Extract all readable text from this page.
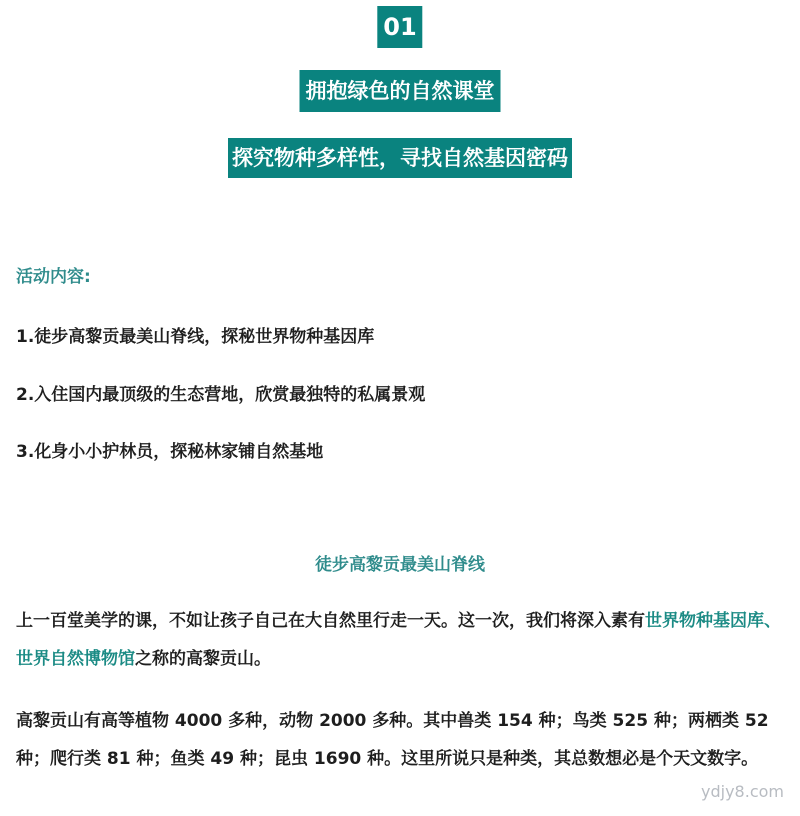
01
拥抱绿色的自然课堂
探究物种多样性，寻找自然基因密码
活动内容:
1.徒步高黎贡最美山脊线，探秘世界物种基因库
2.入住国内最顶级的生态营地，欣赏最独特的私属景观
3.化身小小护林员，探秘林家铺自然基地
徒步高黎贡最美山脊线

上一百堂美学的课，不如让孩子自己在大自然里行走一天。这一次，我们将深入素有世界物种基因库、世界自然博物馆之称的高黎贡山。

高黎贡山有高等植物 4000 多种，动物 2000 多种。其中兽类 154 种；鸟类 525 种；两栖类 52 种；爬行类 81 种；鱼类 49 种；昆虫 1690 种。这里所说只是种类，其总数想必是个天文数字。

ydjy8.com
